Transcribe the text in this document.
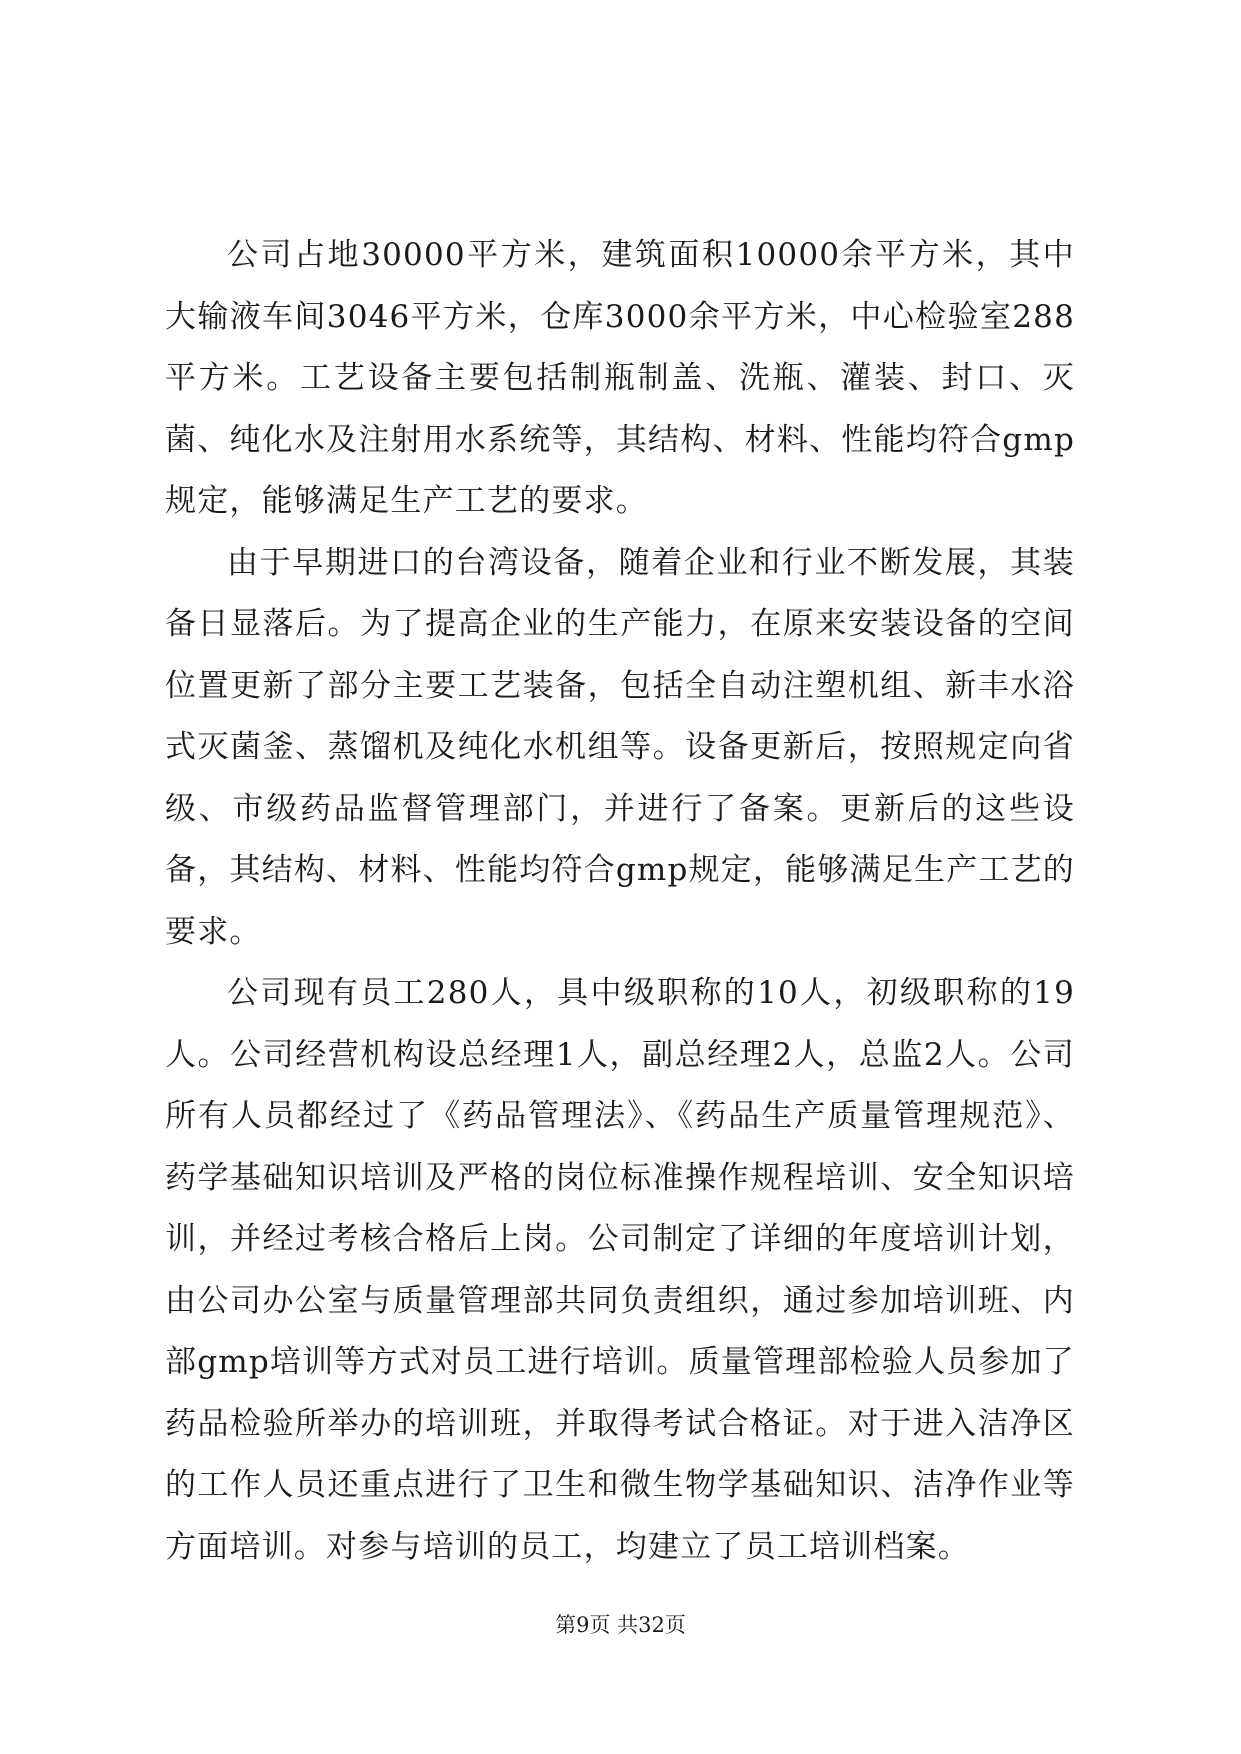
公司占地30000平方米，建筑面积10000余平方米，其中大输液车间3046平方米，仓库3000余平方米，中心检验室288平方米。工艺设备主要包括制瓶制盖、洗瓶、灌装、封口、灭菌、纯化水及注射用水系统等，其结构、材料、性能均符合gmp规定，能够满足生产工艺的要求。

由于早期进口的台湾设备，随着企业和行业不断发展，其装备日显落后。为了提高企业的生产能力，在原来安装设备的空间位置更新了部分主要工艺装备，包括全自动注塑机组、新丰水浴式灭菌釜、蒸馏机及纯化水机组等。设备更新后，按照规定向省级、市级药品监督管理部门，并进行了备案。更新后的这些设备，其结构、材料、性能均符合gmp规定，能够满足生产工艺的要求。

公司现有员工280人，具中级职称的10人，初级职称的19人。公司经营机构设总经理1人，副总经理2人，总监2人。公司所有人员都经过了《药品管理法》、《药品生产质量管理规范》、药学基础知识培训及严格的岗位标准操作规程培训、安全知识培训，并经过考核合格后上岗。公司制定了详细的年度培训计划，由公司办公室与质量管理部共同负责组织，通过参加培训班、内部gmp培训等方式对员工进行培训。质量管理部检验人员参加了药品检验所举办的培训班，并取得考试合格证。对于进入洁净区的工作人员还重点进行了卫生和微生物学基础知识、洁净作业等方面培训。对参与培训的员工，均建立了员工培训档案。

第9页 共32页
